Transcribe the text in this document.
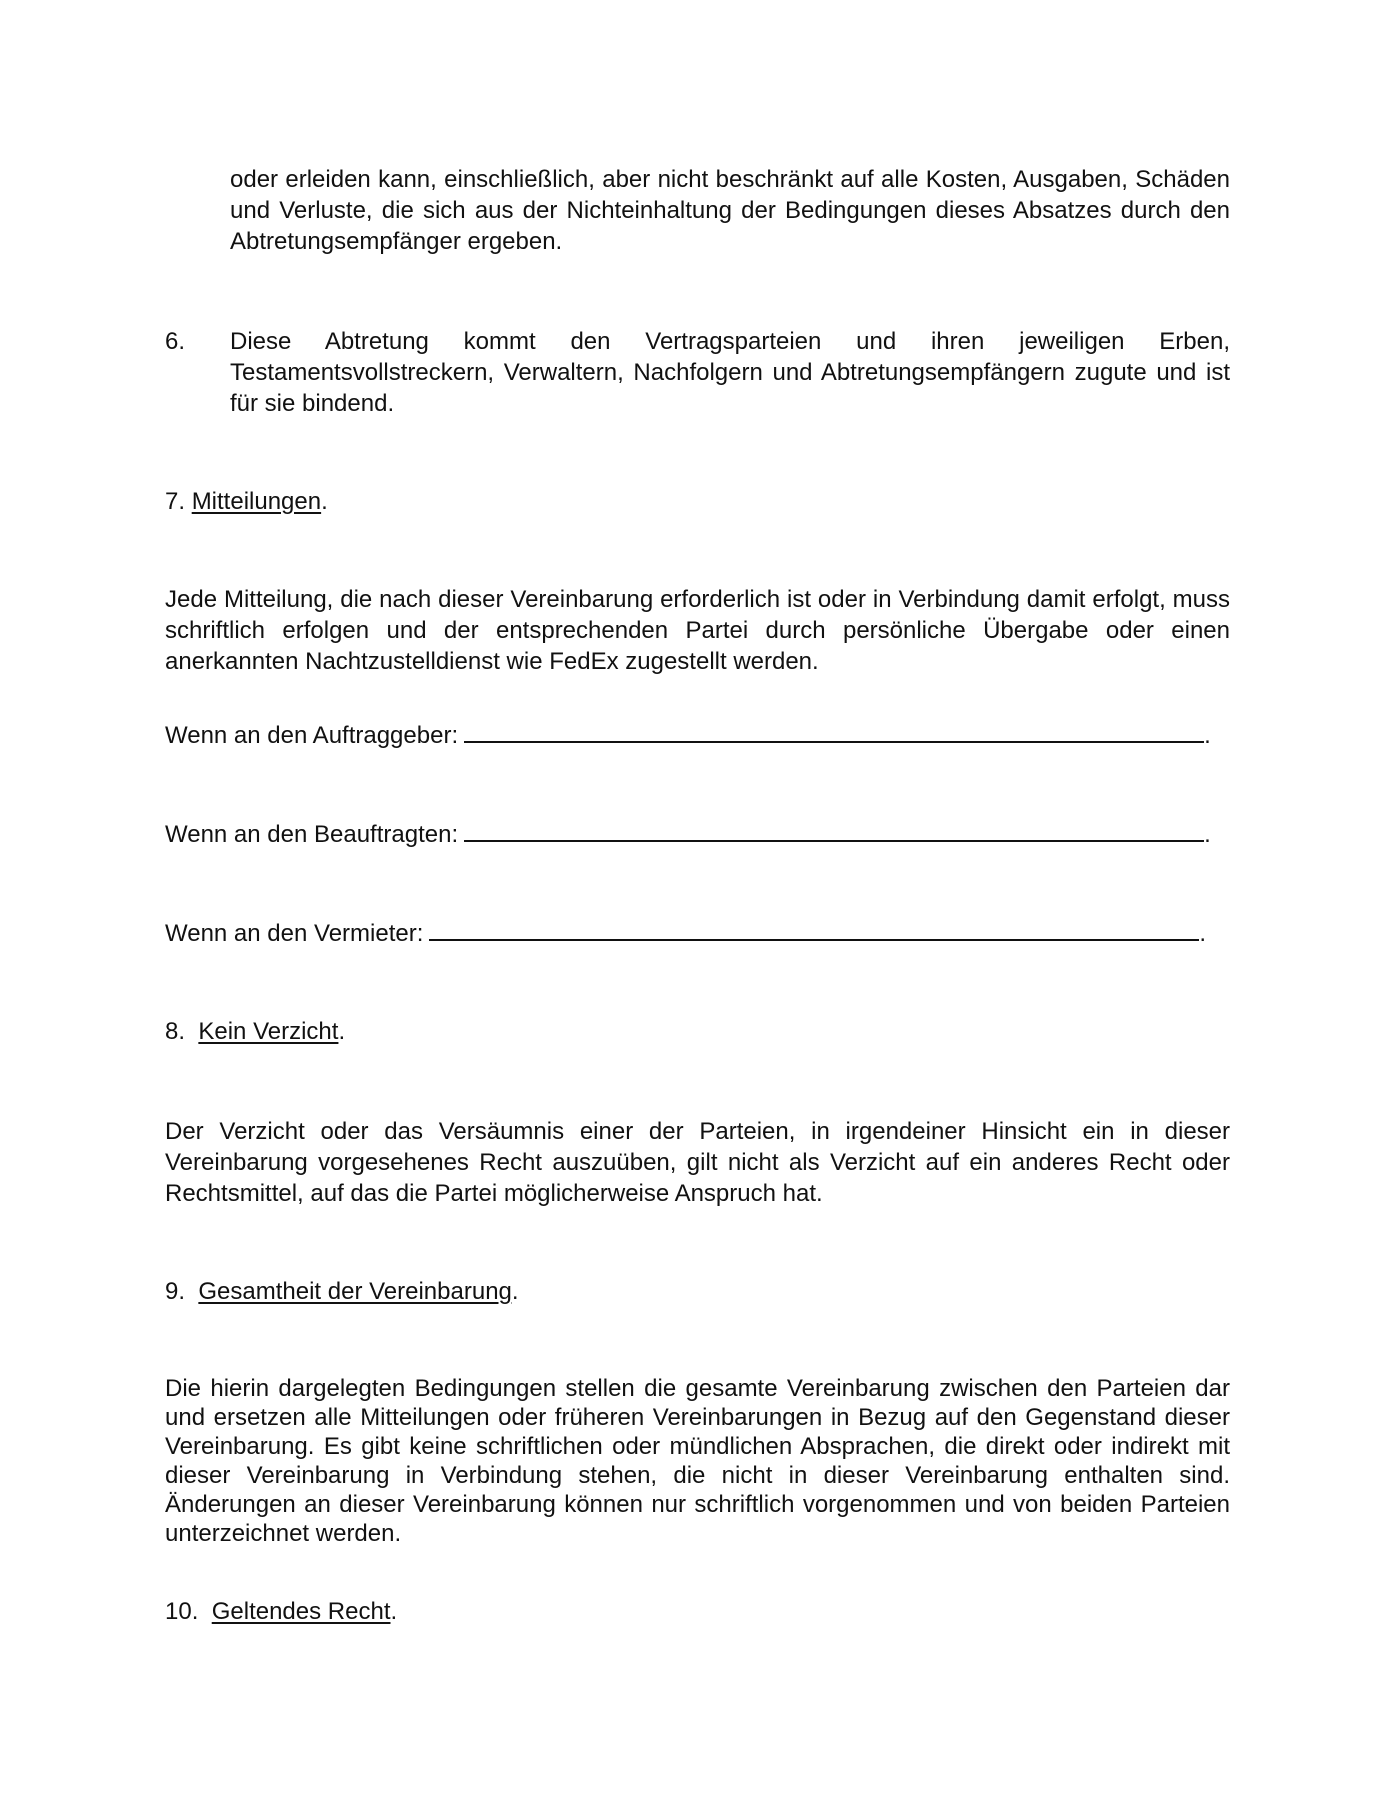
oder erleiden kann, einschließlich, aber nicht beschränkt auf alle Kosten, Ausgaben, Schäden und Verluste, die sich aus der Nichteinhaltung der Bedingungen dieses Absatzes durch den Abtretungsempfänger ergeben.
6. Diese Abtretung kommt den Vertragsparteien und ihren jeweiligen Erben, Testamentsvollstreckern, Verwaltern, Nachfolgern und Abtretungsempfängern zugute und ist für sie bindend.
7. Mitteilungen.
Jede Mitteilung, die nach dieser Vereinbarung erforderlich ist oder in Verbindung damit erfolgt, muss schriftlich erfolgen und der entsprechenden Partei durch persönliche Übergabe oder einen anerkannten Nachtzustelldienst wie FedEx zugestellt werden.
Wenn an den Auftraggeber:	.
Wenn an den Beauftragten:	.
Wenn an den Vermieter:	.
8. Kein Verzicht.
Der Verzicht oder das Versäumnis einer der Parteien, in irgendeiner Hinsicht ein in dieser Vereinbarung vorgesehenes Recht auszuüben, gilt nicht als Verzicht auf ein anderes Recht oder Rechtsmittel, auf das die Partei möglicherweise Anspruch hat.
9. Gesamtheit der Vereinbarung.
Die hierin dargelegten Bedingungen stellen die gesamte Vereinbarung zwischen den Parteien dar und ersetzen alle Mitteilungen oder früheren Vereinbarungen in Bezug auf den Gegenstand dieser Vereinbarung. Es gibt keine schriftlichen oder mündlichen Absprachen, die direkt oder indirekt mit dieser Vereinbarung in Verbindung stehen, die nicht in dieser Vereinbarung enthalten sind. Änderungen an dieser Vereinbarung können nur schriftlich vorgenommen und von beiden Parteien unterzeichnet werden.
10. Geltendes Recht.
